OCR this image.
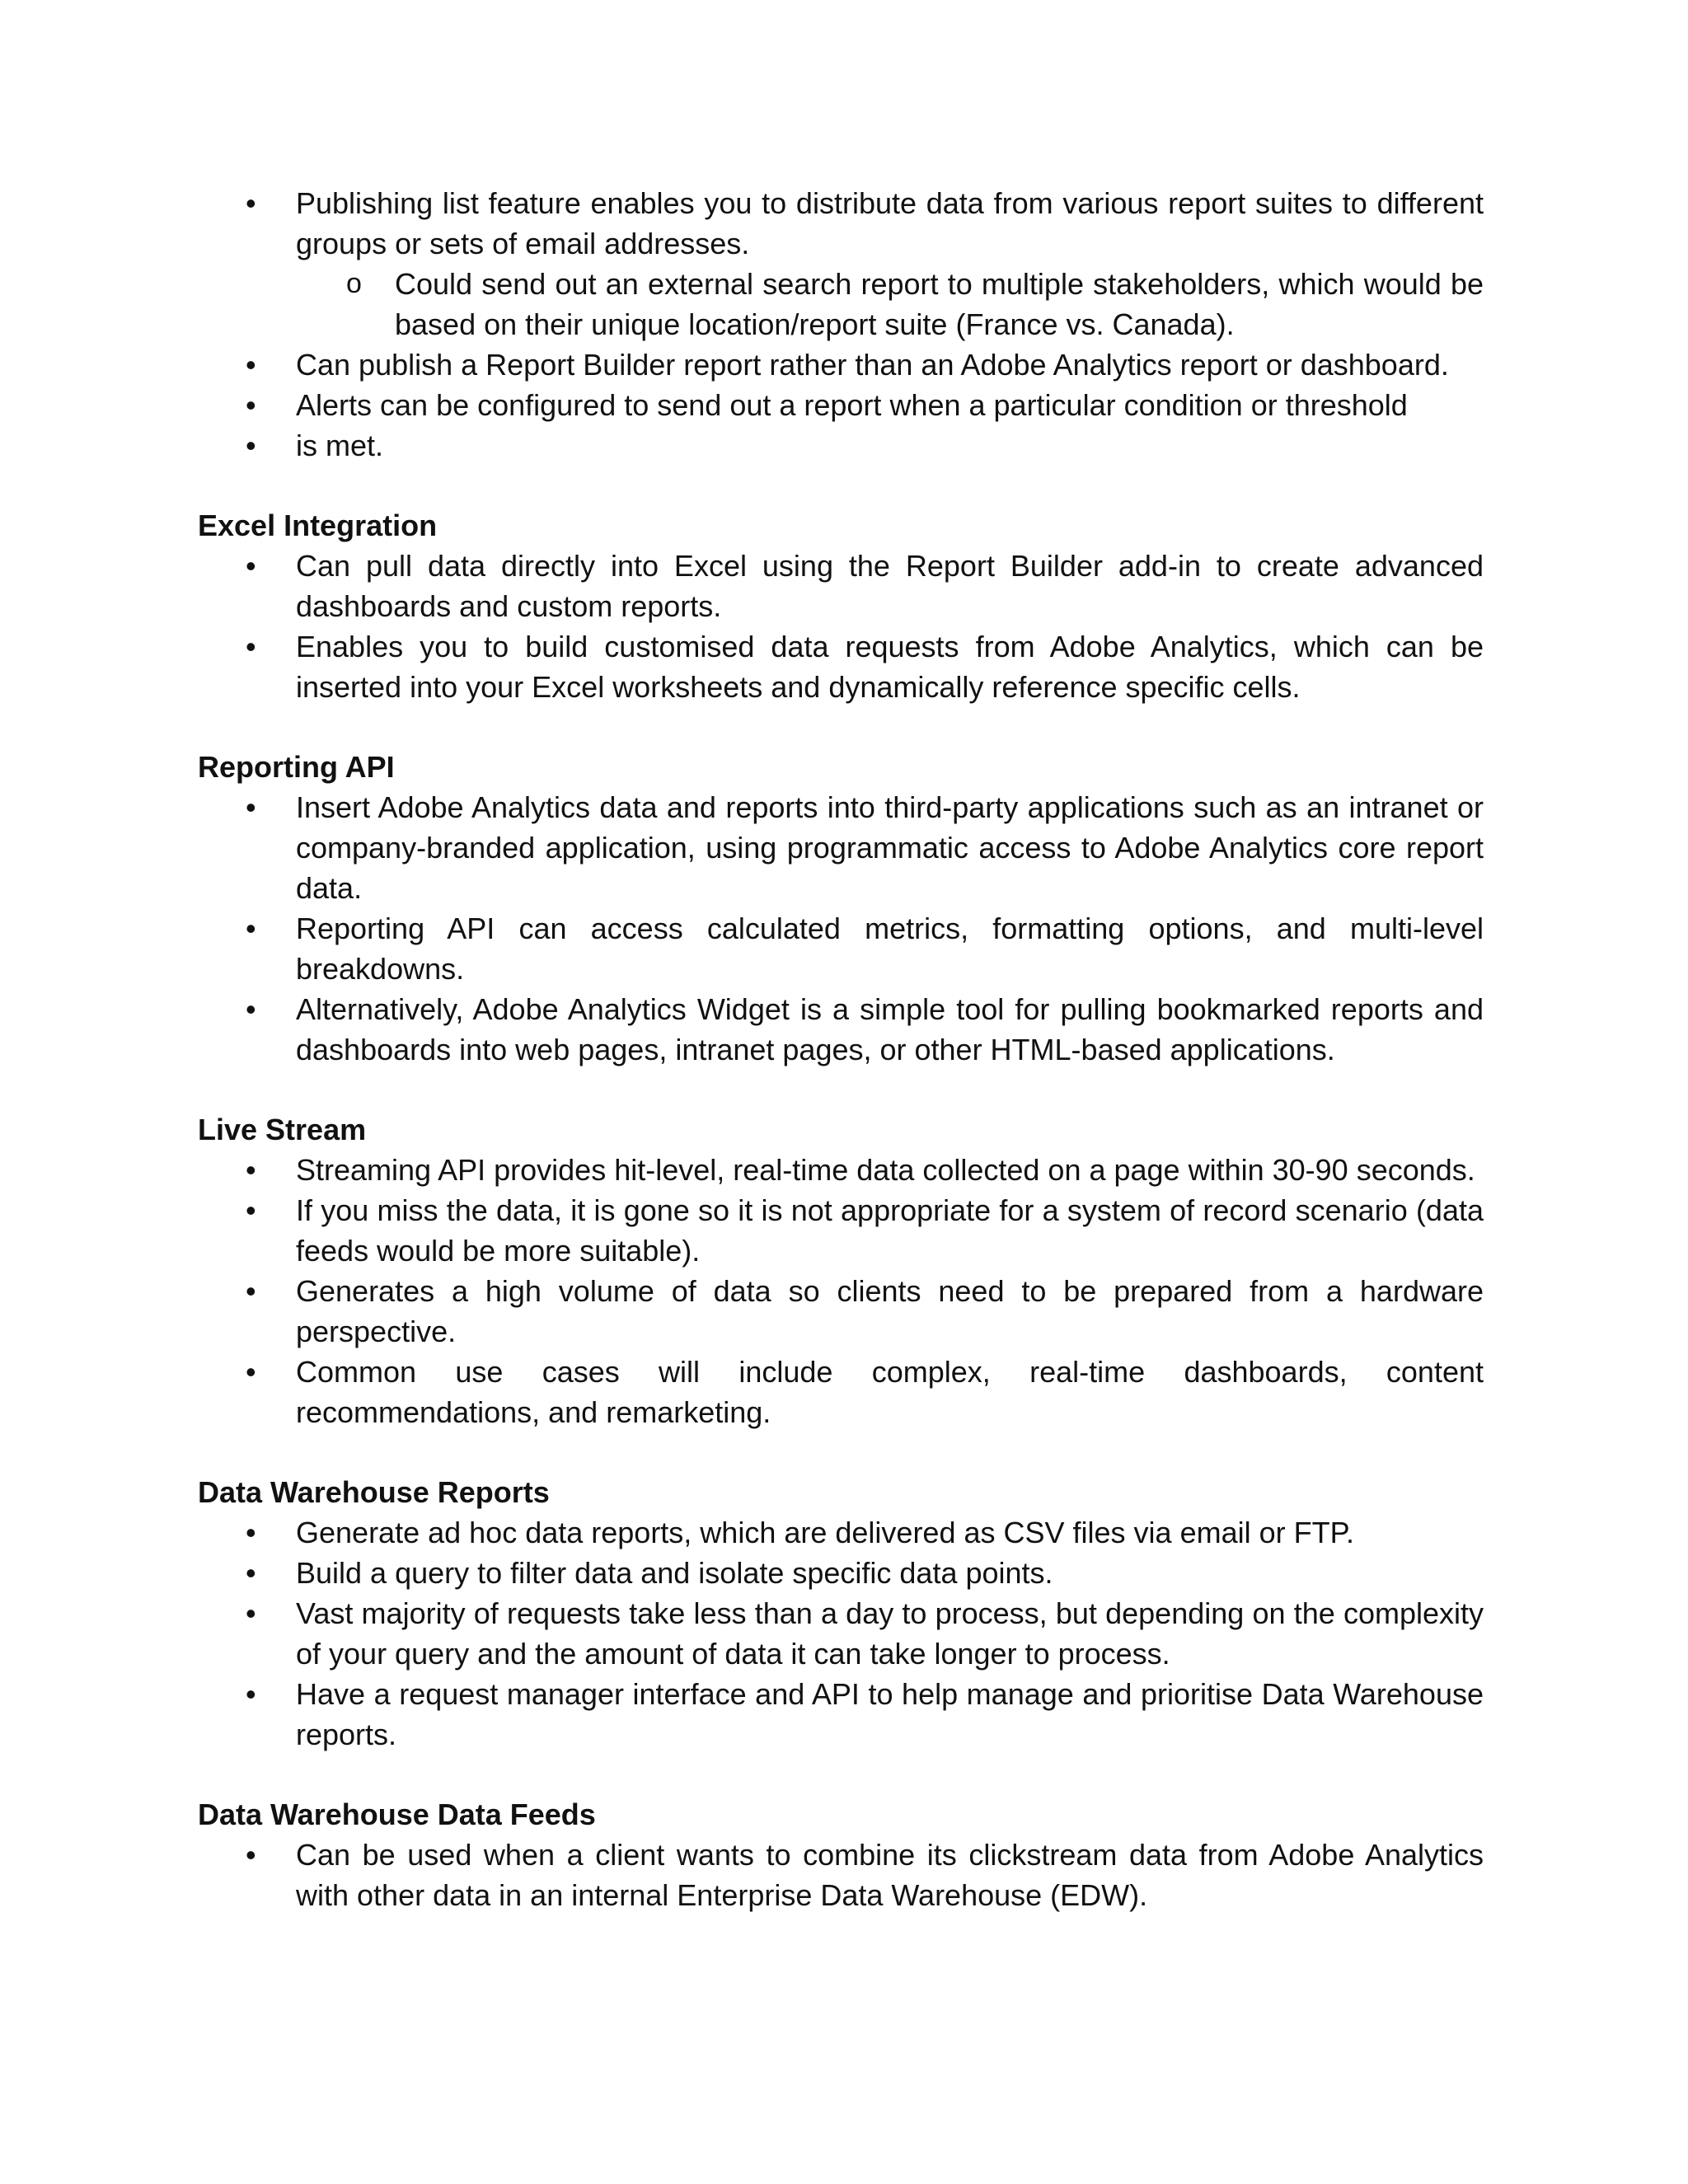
• Publishing list feature enables you to distribute data from various report suites to different groups or sets of email addresses.
o Could send out an external search report to multiple stakeholders, which would be based on their unique location/report suite (France vs. Canada).
• Can publish a Report Builder report rather than an Adobe Analytics report or dashboard.
• Alerts can be configured to send out a report when a particular condition or threshold
• is met.
Excel Integration
• Can pull data directly into Excel using the Report Builder add-in to create advanced dashboards and custom reports.
• Enables you to build customised data requests from Adobe Analytics, which can be inserted into your Excel worksheets and dynamically reference specific cells.
Reporting API
• Insert Adobe Analytics data and reports into third-party applications such as an intranet or company-branded application, using programmatic access to Adobe Analytics core report data.
• Reporting API can access calculated metrics, formatting options, and multi-level breakdowns.
• Alternatively, Adobe Analytics Widget is a simple tool for pulling bookmarked reports and dashboards into web pages, intranet pages, or other HTML-based applications.
Live Stream
• Streaming API provides hit-level, real-time data collected on a page within 30-90 seconds.
• If you miss the data, it is gone so it is not appropriate for a system of record scenario (data feeds would be more suitable).
• Generates a high volume of data so clients need to be prepared from a hardware perspective.
• Common use cases will include complex, real-time dashboards, content recommendations, and remarketing.
Data Warehouse Reports
• Generate ad hoc data reports, which are delivered as CSV files via email or FTP.
• Build a query to filter data and isolate specific data points.
• Vast majority of requests take less than a day to process, but depending on the complexity of your query and the amount of data it can take longer to process.
• Have a request manager interface and API to help manage and prioritise Data Warehouse reports.
Data Warehouse Data Feeds
• Can be used when a client wants to combine its clickstream data from Adobe Analytics with other data in an internal Enterprise Data Warehouse (EDW).
